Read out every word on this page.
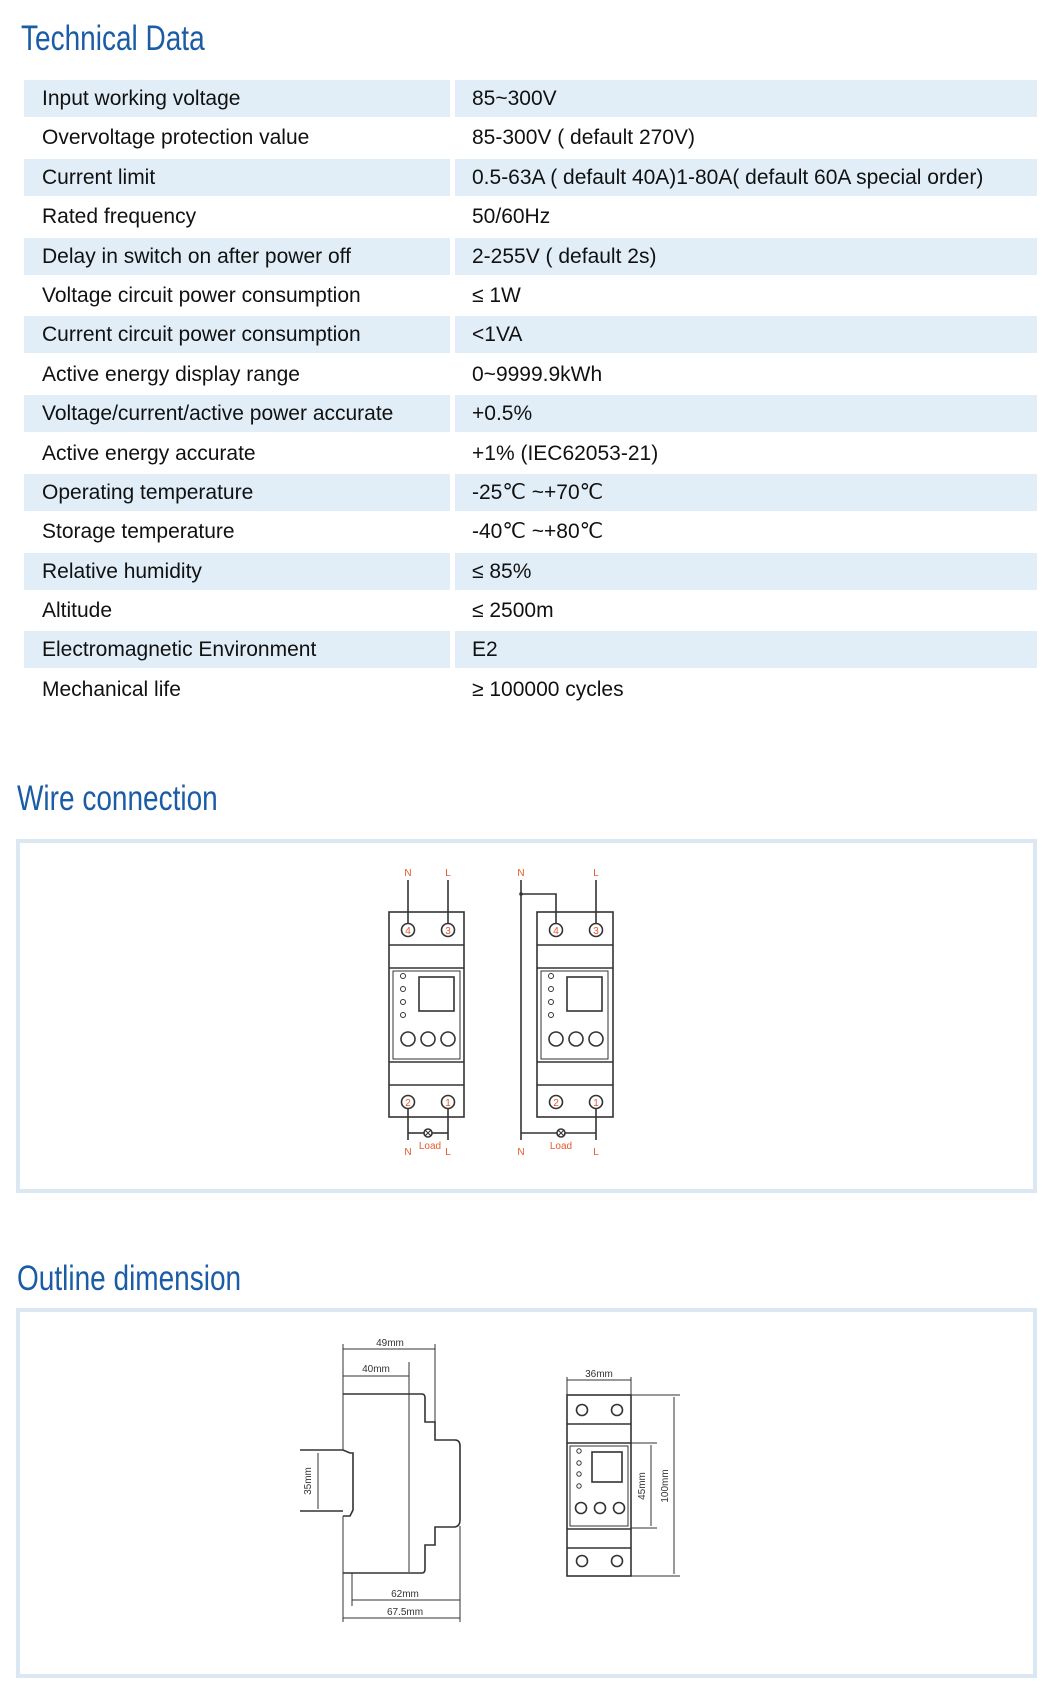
Technical Data
Input working voltage	85~300V
Overvoltage protection value	85-300V ( default 270V)
Current limit	0.5-63A ( default 40A)1-80A( default 60A special order)
Rated frequency	50/60Hz
Delay in switch on after power off	2-255V ( default 2s)
Voltage circuit power consumption	≤ 1W
Current circuit power consumption	<1VA
Active energy display range	0~9999.9kWh
Voltage/current/active power accurate	+0.5%
Active energy accurate	+1% (IEC62053-21)
Operating temperature	-25℃ ~+70℃
Storage temperature	-40℃ ~+80℃
Relative humidity	≤ 85%
Altitude	≤ 2500m
Electromagnetic Environment	E2
Mechanical life	≥ 100000 cycles
Wire connection
4	3
2	1
N	L
Load
N	L
4	3
2	1
N	L
Load
N	L
Outline dimension
49mm
40mm
35mm
62mm
67.5mm
36mm
100mm
45mm
